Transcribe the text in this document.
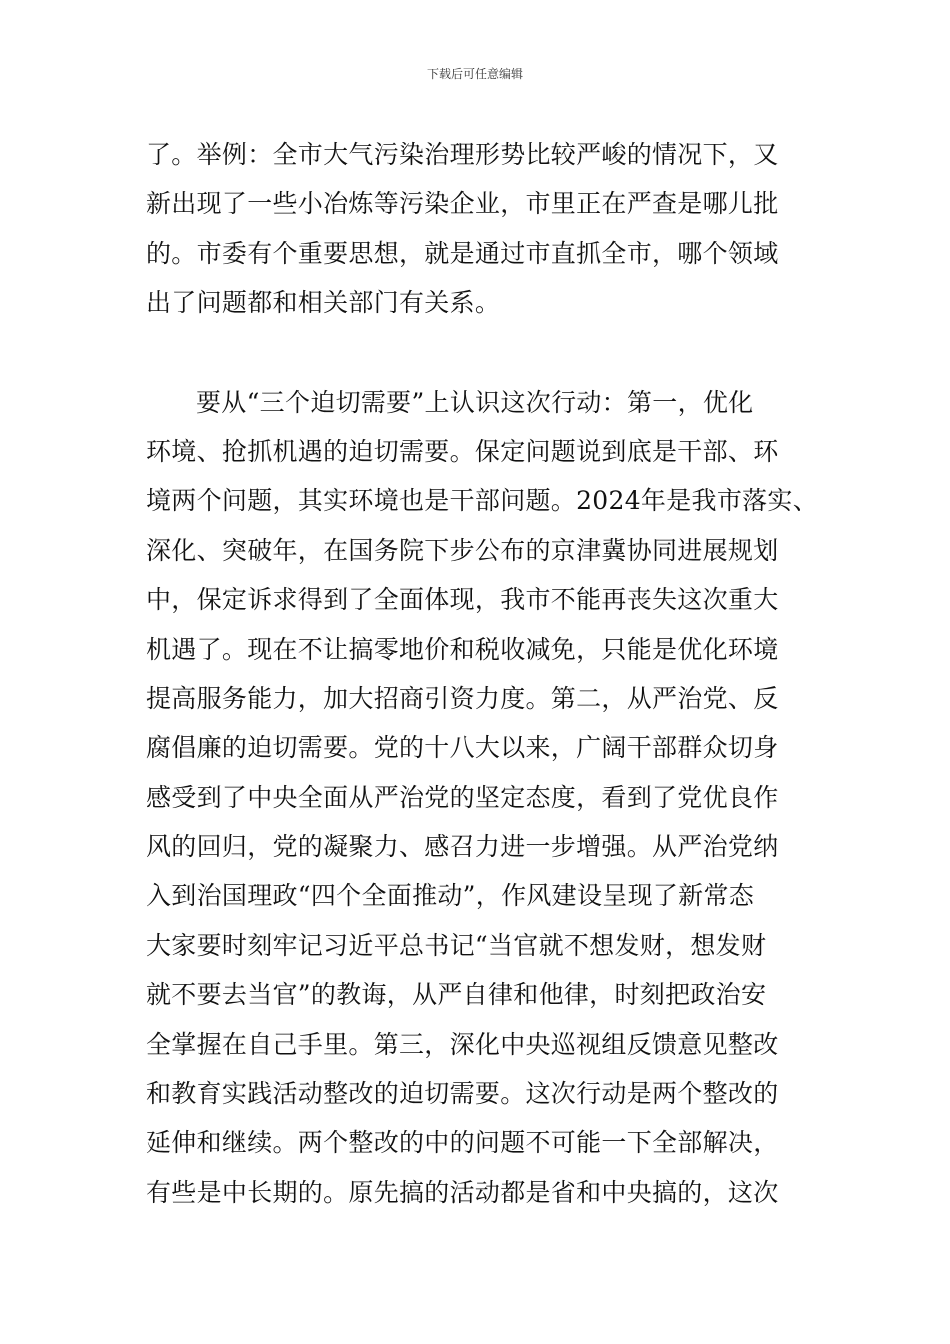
下载后可任意编辑
了。举例：全市大气污染治理形势比较严峻的情况下，又
新出现了一些小冶炼等污染企业，市里正在严查是哪儿批
的。市委有个重要思想，就是通过市直抓全市，哪个领域
出了问题都和相关部门有关系。
要从“三个迫切需要”上认识这次行动：第一，优化
环境、抢抓机遇的迫切需要。保定问题说到底是干部、环
境两个问题，其实环境也是干部问题。2024年是我市落实、
深化、突破年，在国务院下步公布的京津冀协同进展规划
中，保定诉求得到了全面体现，我市不能再丧失这次重大
机遇了。现在不让搞零地价和税收减免，只能是优化环境
提高服务能力，加大招商引资力度。第二，从严治党、反
腐倡廉的迫切需要。党的十八大以来，广阔干部群众切身
感受到了中央全面从严治党的坚定态度，看到了党优良作
风的回归，党的凝聚力、感召力进一步增强。从严治党纳
入到治国理政“四个全面推动”，作风建设呈现了新常态
大家要时刻牢记习近平总书记“当官就不想发财，想发财
就不要去当官”的教诲，从严自律和他律，时刻把政治安
全掌握在自己手里。第三，深化中央巡视组反馈意见整改
和教育实践活动整改的迫切需要。这次行动是两个整改的
延伸和继续。两个整改的中的问题不可能一下全部解决，
有些是中长期的。原先搞的活动都是省和中央搞的，这次
